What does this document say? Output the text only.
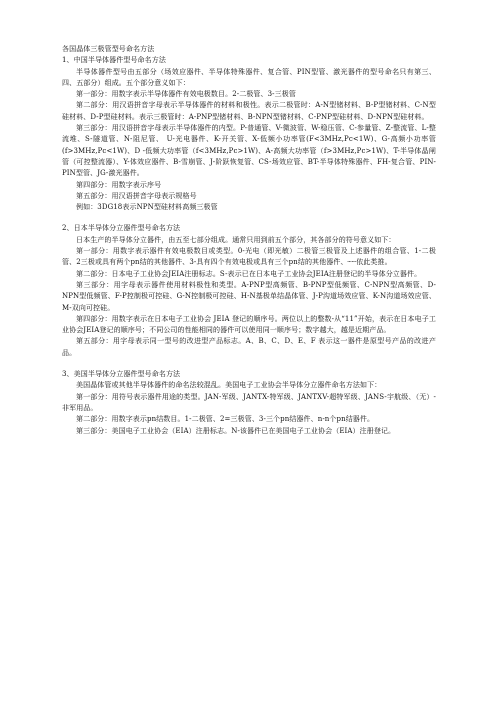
各国晶体三极管型号命名方法

1、中国半导体器件型号命名方法

半导体器件型号由五部分（场效应器件、半导体特殊器件、复合管、PIN型管、激光器件的型号命名只有第三、四、五部分）组成。五个部分意义如下：

第一部分：用数字表示半导体器件有效电极数目。2-二极管、3-三极管

第二部分：用汉语拼音字母表示半导体器件的材料和极性。表示二极管时：A-N型锗材料、B-P型锗材料、C-N型硅材料、D-P型硅材料。表示三极管时：A-PNP型锗材料、B-NPN型锗材料、C-PNP型硅材料、D-NPN型硅材料。

第三部分：用汉语拼音字母表示半导体器件的内型。P-普通管、V-微波管、W-稳压管、C-参量管、Z-整流管、L-整流堆、S-隧道管、N-阻尼管、 U-光电器件、K-开关管、X-低频小功率管(F<3MHz,Pc<1W)、G-高频小功率管 (f>3MHz,Pc<1W)、D -低频大功率管（f<3MHz,Pc>1W)、A-高频大功率管（f>3MHz,Pc>1W)、T-半导体晶闸管（可控整流器）、Y-体效应器件、B-雪崩管、J-阶跃恢复管、CS-场效应管、BT-半导体特殊器件、FH-复合管、PIN-PIN型管、JG-激光器件。

第四部分：用数字表示序号

第五部分：用汉语拼音字母表示规格号

例如：3DG18表示NPN型硅材料高频三极管

2、日本半导体分立器件型号命名方法

日本生产的半导体分立器件，由五至七部分组成。通常只用到前五个部分，其各部分的符号意义如下：

第一部分：用数字表示器件有效电极数目或类型。0-光电（即光敏）二极管三极管及上述器件的组合管、1-二极管、2三极或具有两个pn结的其他器件、3-具有四个有效电极或具有三个pn结的其他器件、┄┄依此类推。

第二部分：日本电子工业协会JEIA注册标志。S-表示已在日本电子工业协会JEIA注册登记的半导体分立器件。

第三部分：用字母表示器件使用材料极性和类型。A-PNP型高频管、B-PNP型低频管、C-NPN型高频管、D-NPN型低频管、F-P控制极可控硅、G-N控制极可控硅、H-N基极单结晶体管、J-P沟道场效应管、K-N沟道场效应管、M-双向可控硅。

第四部分：用数字表示在日本电子工业协会 JEIA 登记的顺序号。两位以上的整数-从“11”开始，表示在日本电子工业协会JEIA登记的顺序号；不同公司的性能相同的器件可以使用同一顺序号；数字越大，越是近期产品。

第五部分：用字母表示同一型号的改进型产品标志。A、B、C、D、E、F 表示这一器件是原型号产品的改进产品。

3、美国半导体分立器件型号命名方法

美国晶体管或其他半导体器件的命名法较混乱。美国电子工业协会半导体分立器件命名方法如下：

第一部分：用符号表示器件用途的类型。JAN-军级、JANTX-特军级、JANTXV-超特军级、JANS-宇航级、（无）-非军用品。

第二部分：用数字表示pn结数目。1-二极管、2=三极管、3-三个pn结器件、n-n个pn结器件。

第三部分：美国电子工业协会（EIA）注册标志。N-该器件已在美国电子工业协会（EIA）注册登记。
